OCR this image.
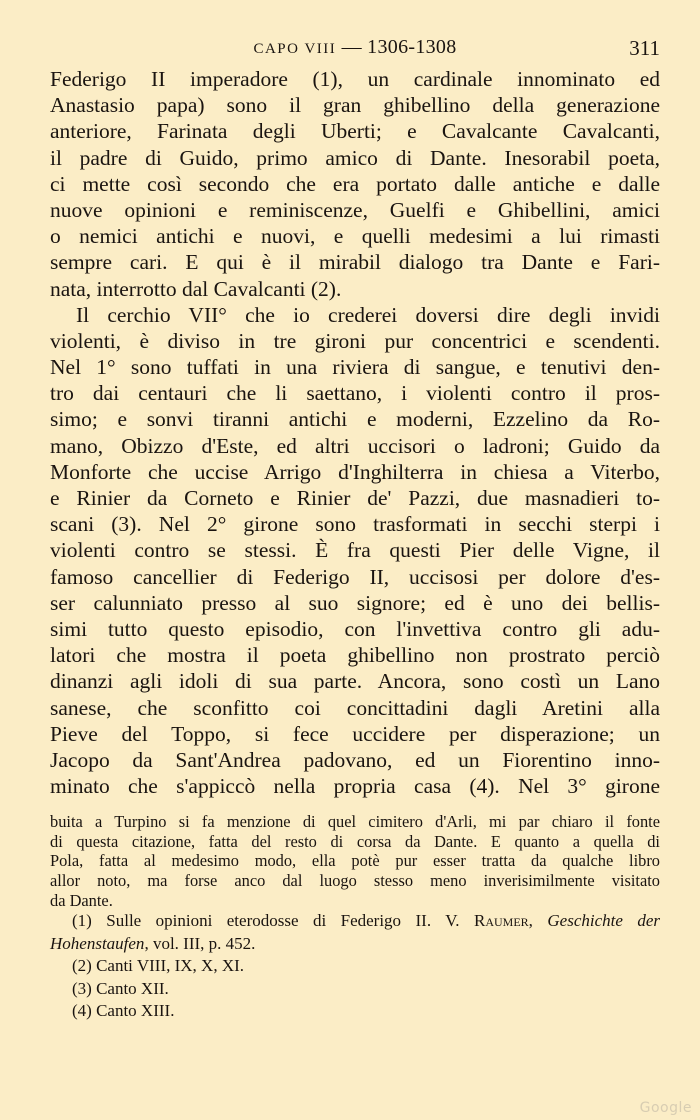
CAPO VIII — 1306-1308	311
Federigo II imperadore (1), un cardinale innominato ed
Anastasio papa) sono il gran ghibellino della generazione
anteriore, Farinata degli Uberti; e Cavalcante Cavalcanti,
il padre di Guido, primo amico di Dante. Inesorabil poeta,
ci mette così secondo che era portato dalle antiche e dalle
nuove opinioni e reminiscenze, Guelfi e Ghibellini, amici
o nemici antichi e nuovi, e quelli medesimi a lui rimasti
sempre cari. E qui è il mirabil dialogo tra Dante e Fari-
nata, interrotto dal Cavalcanti (2).
Il cerchio VII° che io crederei doversi dire degli invidi
violenti, è diviso in tre gironi pur concentrici e scendenti.
Nel 1° sono tuffati in una riviera di sangue, e tenutivi den-
tro dai centauri che li saettano, i violenti contro il pros-
simo; e sonvi tiranni antichi e moderni, Ezzelino da Ro-
mano, Obizzo d'Este, ed altri uccisori o ladroni; Guido da
Monforte che uccise Arrigo d'Inghilterra in chiesa a Viterbo,
e Rinier da Corneto e Rinier de' Pazzi, due masnadieri to-
scani (3). Nel 2° girone sono trasformati in secchi sterpi i
violenti contro se stessi. È fra questi Pier delle Vigne, il
famoso cancellier di Federigo II, uccisosi per dolore d'es-
ser calunniato presso al suo signore; ed è uno dei bellis-
simi tutto questo episodio, con l'invettiva contro gli adu-
latori che mostra il poeta ghibellino non prostrato perciò
dinanzi agli idoli di sua parte. Ancora, sono costì un Lano
sanese, che sconfitto coi concittadini dagli Aretini alla
Pieve del Toppo, si fece uccidere per disperazione; un
Jacopo da Sant'Andrea padovano, ed un Fiorentino inno-
minato che s'appiccò nella propria casa (4). Nel 3° girone
buita a Turpino si fa menzione di quel cimitero d'Arli, mi par chiaro il fonte
di questa citazione, fatta del resto di corsa da Dante. E quanto a quella di
Pola, fatta al medesimo modo, ella potè pur esser tratta da qualche libro
allor noto, ma forse anco dal luogo stesso meno inverisimilmente visitato
da Dante.
(1) Sulle opinioni eterodosse di Federigo II. V. Raumer, Geschichte der
Hohenstaufen, vol. III, p. 452.
(2) Canti VIII, IX, X, XI.
(3) Canto XII.
(4) Canto XIII.
Google
